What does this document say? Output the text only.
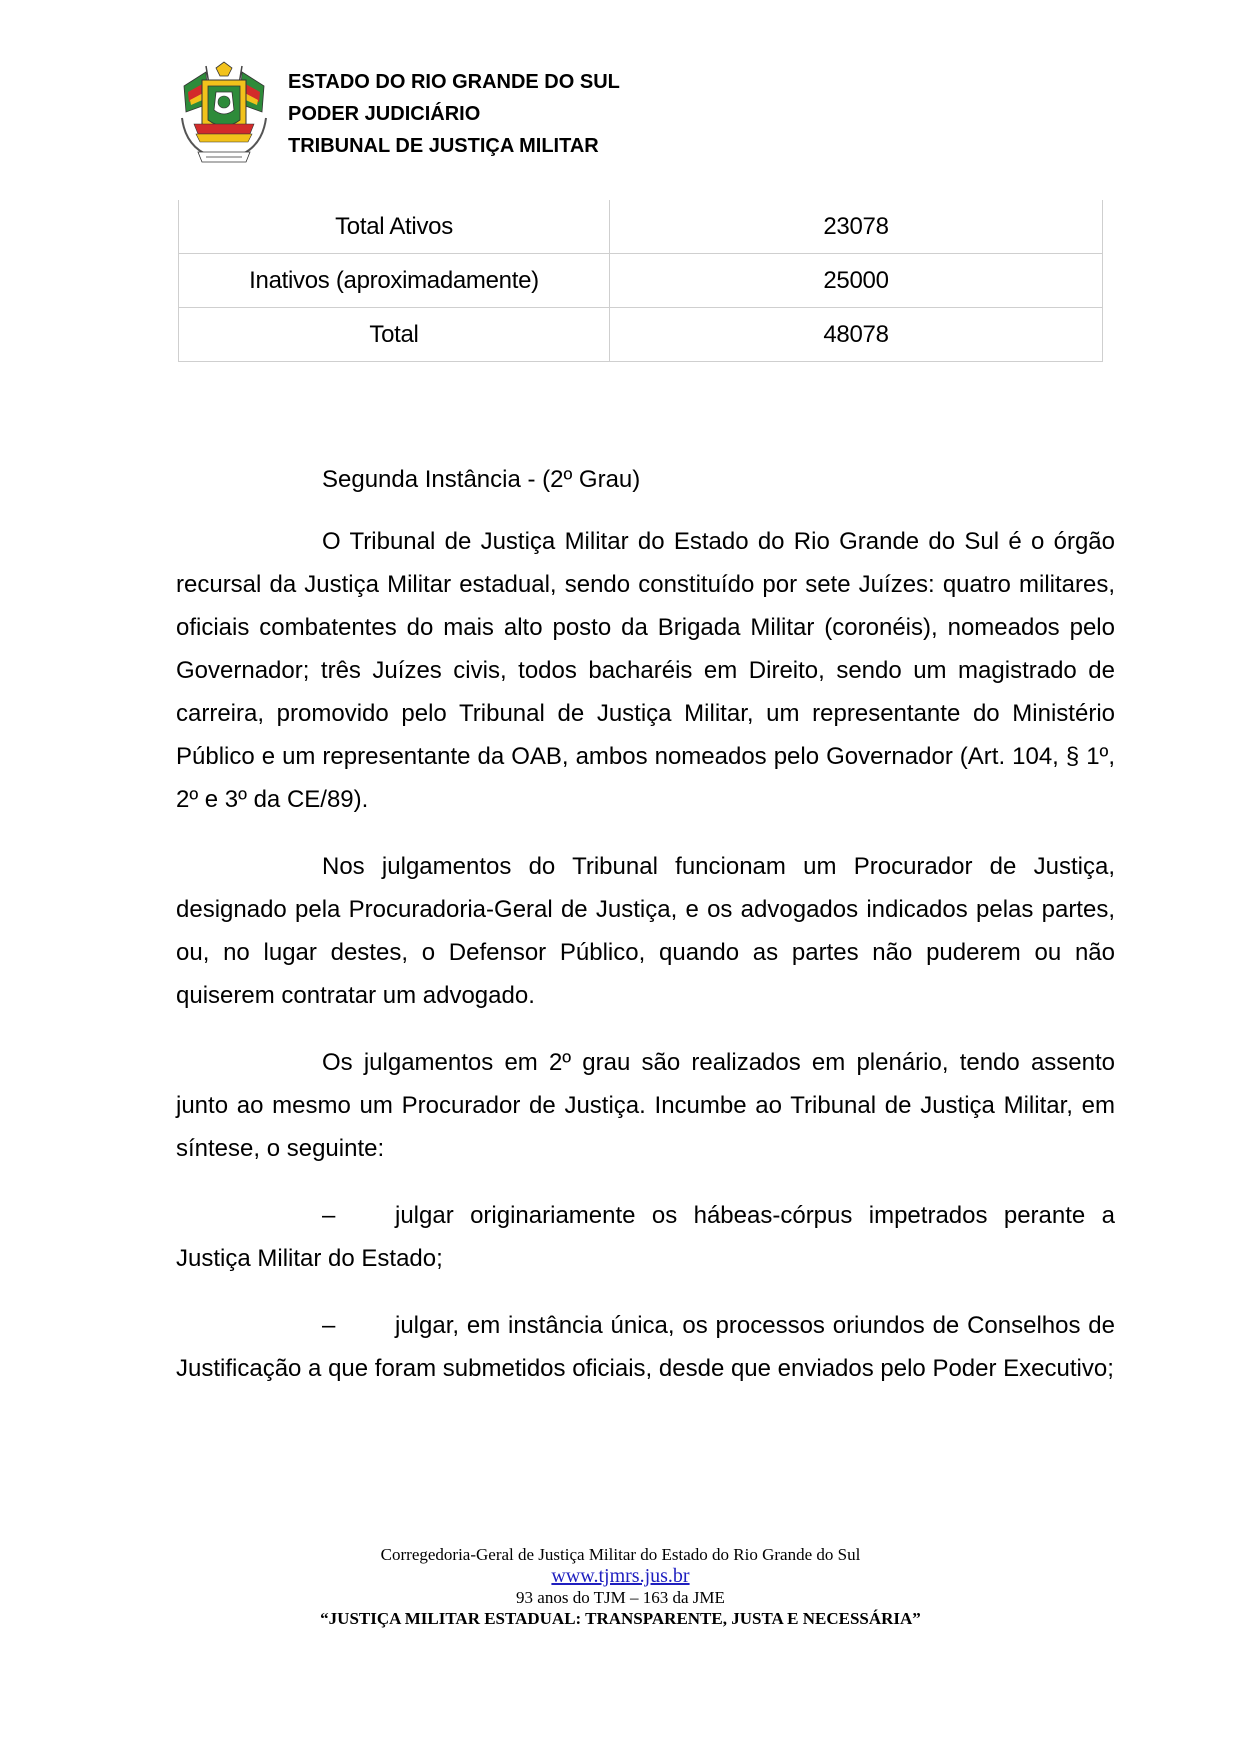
ESTADO DO RIO GRANDE DO SUL
PODER JUDICIÁRIO
TRIBUNAL DE JUSTIÇA MILITAR
Total Ativos	23078
Inativos (aproximadamente)	25000
Total	48078
Segunda Instância - (2º Grau)

O Tribunal de Justiça Militar do Estado do Rio Grande do Sul é o órgão recursal da Justiça Militar estadual, sendo constituído por sete Juízes: quatro militares, oficiais combatentes do mais alto posto da Brigada Militar (coronéis), nomeados pelo Governador; três Juízes civis, todos bacharéis em Direito, sendo um magistrado de carreira, promovido pelo Tribunal de Justiça Militar, um representante do Ministério Público e um representante da OAB, ambos nomeados pelo Governador (Art. 104, § 1º, 2º e 3º da CE/89).

Nos julgamentos do Tribunal funcionam um Procurador de Justiça, designado pela Procuradoria-Geral de Justiça, e os advogados indicados pelas partes, ou, no lugar destes, o Defensor Público, quando as partes não puderem ou não quiserem contratar um advogado.

Os julgamentos em 2º grau são realizados em plenário, tendo assento junto ao mesmo um Procurador de Justiça. Incumbe ao Tribunal de Justiça Militar, em síntese, o seguinte:

– julgar originariamente os hábeas-córpus impetrados perante a Justiça Militar do Estado;
– julgar, em instância única, os processos oriundos de Conselhos de Justificação a que foram submetidos oficiais, desde que enviados pelo Poder Executivo;
Corregedoria-Geral de Justiça Militar do Estado do Rio Grande do Sul
www.tjmrs.jus.br
93 anos do TJM – 163 da JME
“JUSTIÇA MILITAR ESTADUAL: TRANSPARENTE, JUSTA E NECESSÁRIA”
